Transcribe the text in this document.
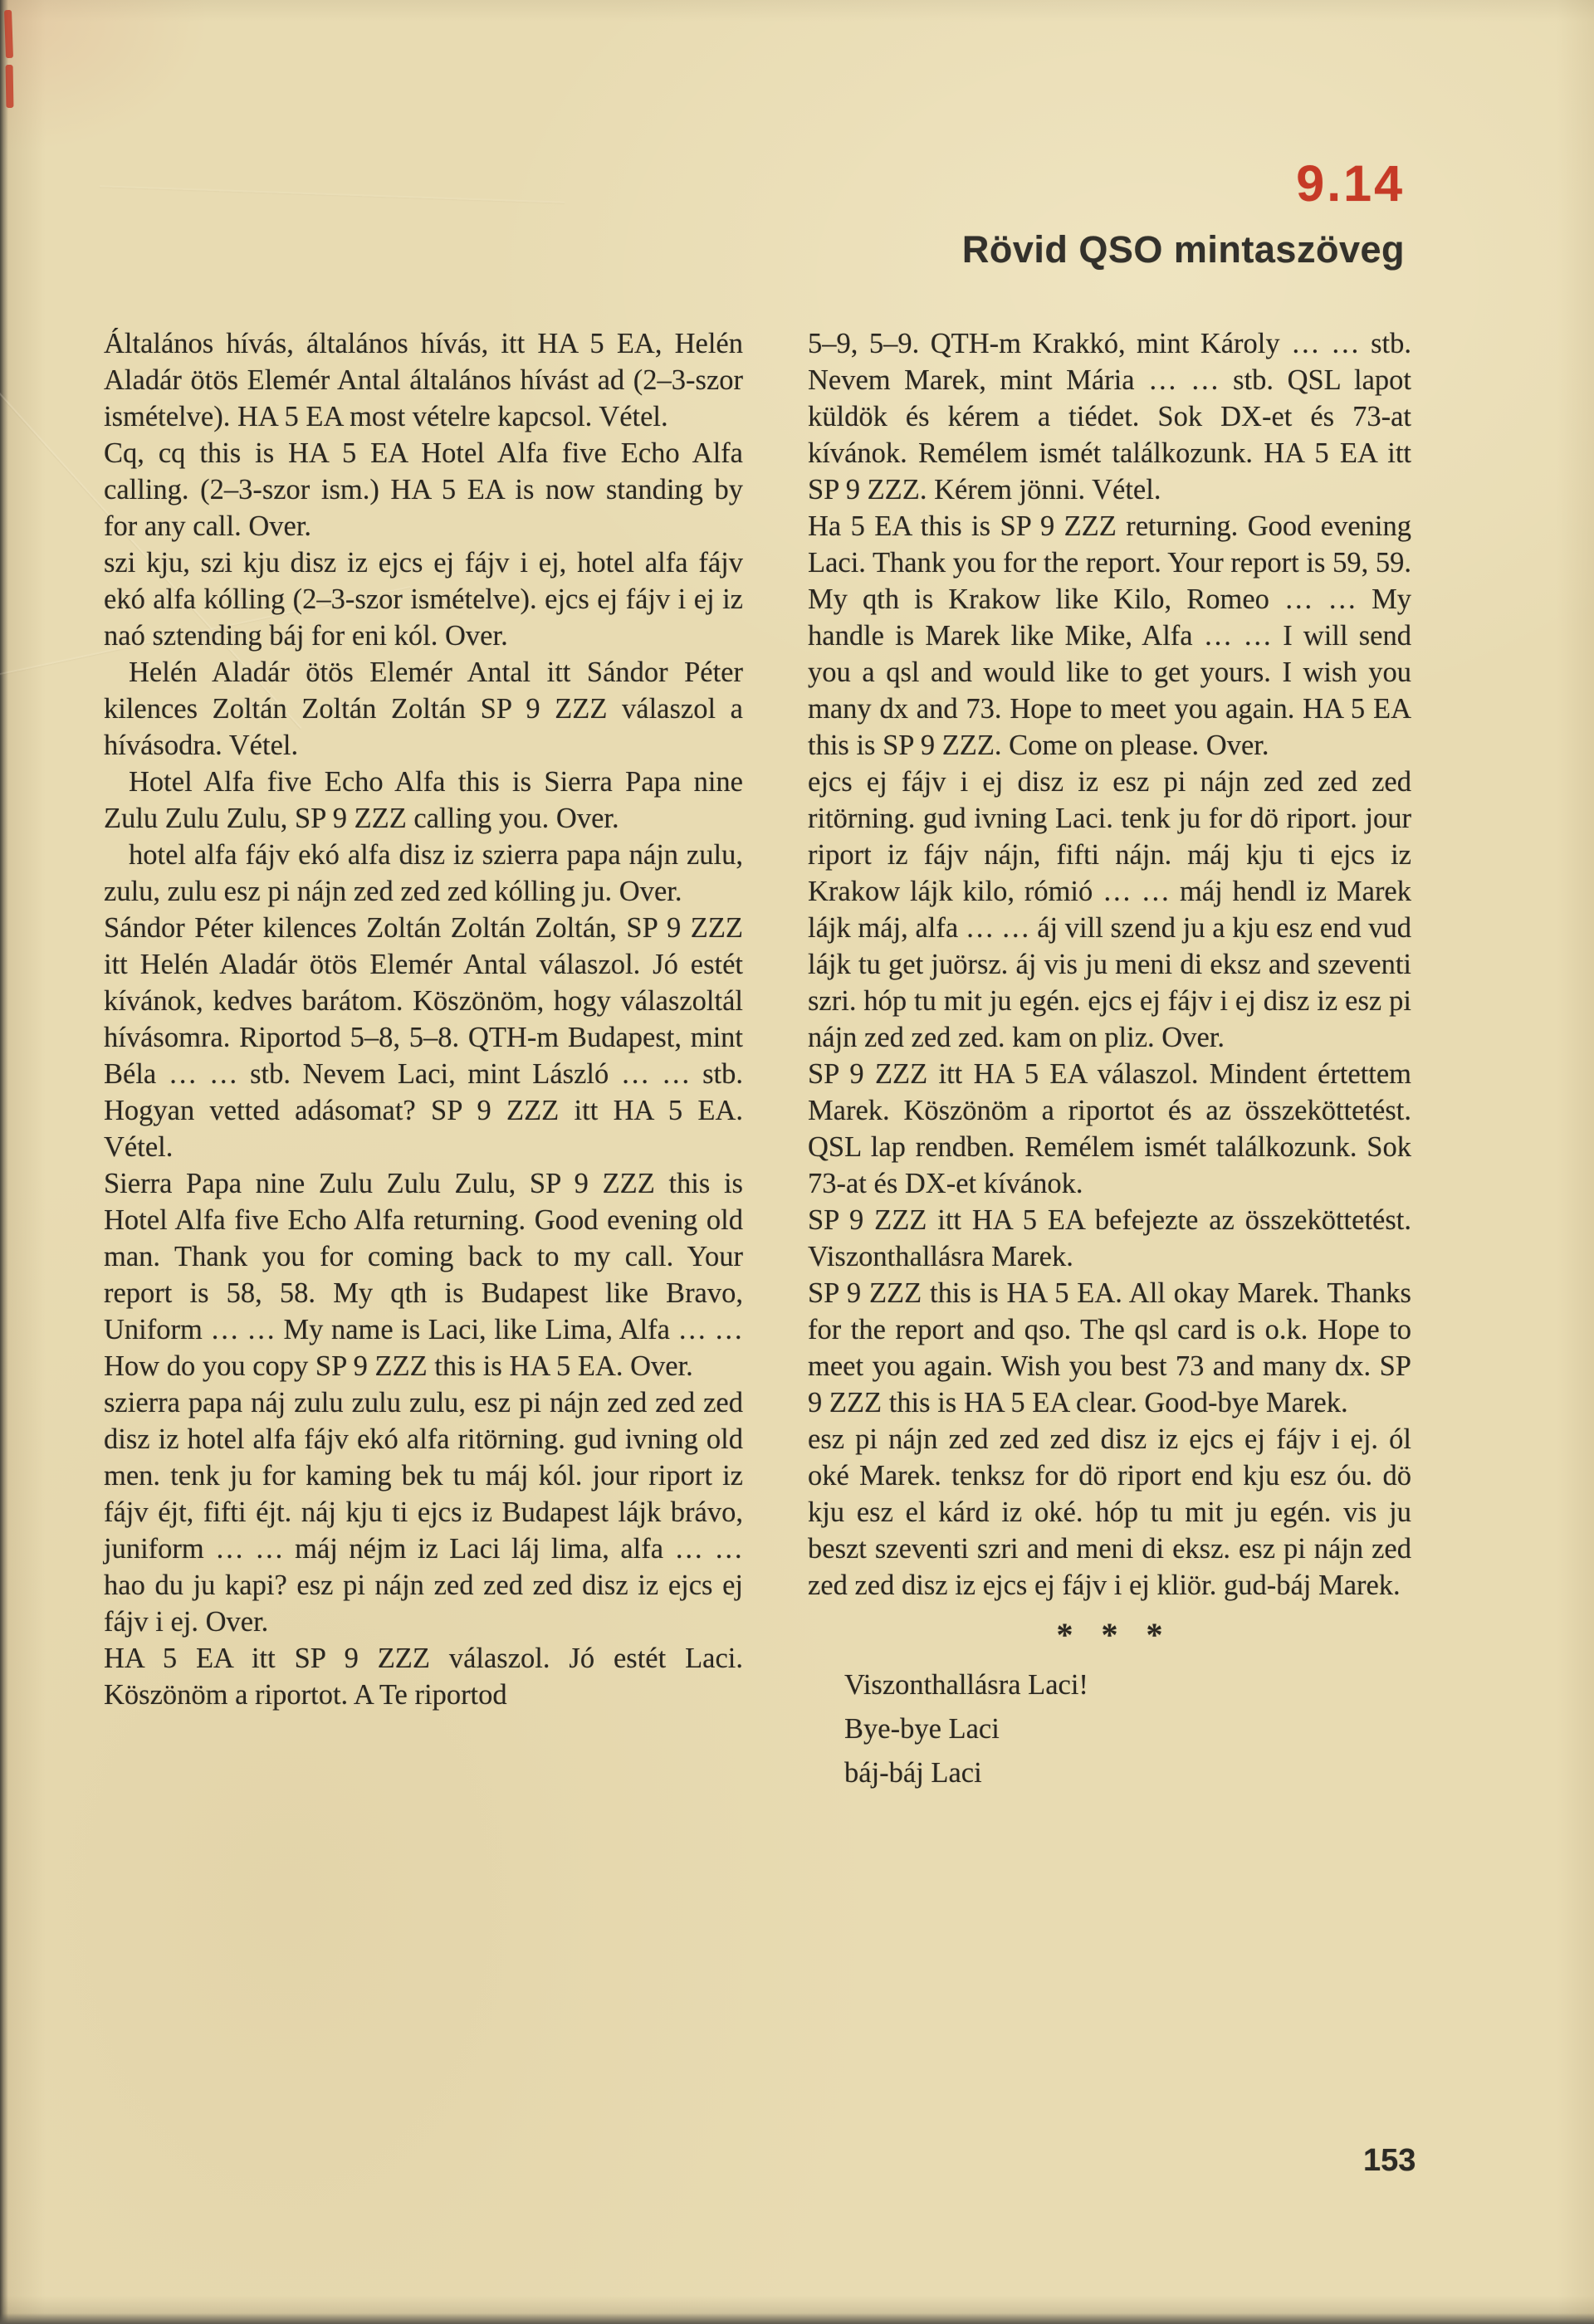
9.14
Rövid QSO mintaszöveg

Általános hívás, általános hívás, itt HA 5 EA, Helén Aladár ötös Elemér Antal általános hívást ad (2–3-szor ismételve). HA 5 EA most vételre kapcsol. Vétel.

Cq, cq this is HA 5 EA Hotel Alfa five Echo Alfa calling. (2–3-szor ism.) HA 5 EA is now standing by for any call. Over.

szi kju, szi kju disz iz ejcs ej fájv i ej, hotel alfa fájv ekó alfa kólling (2–3-szor ismételve). ejcs ej fájv i ej iz naó sztending báj for eni kól. Over.

Helén Aladár ötös Elemér Antal itt Sándor Péter kilences Zoltán Zoltán Zoltán SP 9 ZZZ válaszol a hívásodra. Vétel.

Hotel Alfa five Echo Alfa this is Sierra Papa nine Zulu Zulu Zulu, SP 9 ZZZ calling you. Over.

hotel alfa fájv ekó alfa disz iz szierra papa nájn zulu, zulu, zulu esz pi nájn zed zed zed kólling ju. Over.

Sándor Péter kilences Zoltán Zoltán Zoltán, SP 9 ZZZ itt Helén Aladár ötös Elemér Antal válaszol. Jó estét kívánok, kedves barátom. Köszönöm, hogy válaszoltál hívásomra. Riportod 5–8, 5–8. QTH-m Budapest, mint Béla … … stb. Nevem Laci, mint László … … stb. Hogyan vetted adásomat? SP 9 ZZZ itt HA 5 EA. Vétel.

Sierra Papa nine Zulu Zulu Zulu, SP 9 ZZZ this is Hotel Alfa five Echo Alfa returning. Good evening old man. Thank you for coming back to my call. Your report is 58, 58. My qth is Budapest like Bravo, Uniform … … My name is Laci, like Lima, Alfa … … How do you copy SP 9 ZZZ this is HA 5 EA. Over.

szierra papa náj zulu zulu zulu, esz pi nájn zed zed zed disz iz hotel alfa fájv ekó alfa ritörning. gud ivning old men. tenk ju for kaming bek tu máj kól. jour riport iz fájv éjt, fifti éjt. náj kju ti ejcs iz Budapest lájk brávo, juniform … … máj néjm iz Laci láj lima, alfa … … hao du ju kapi? esz pi nájn zed zed zed disz iz ejcs ej fájv i ej. Over.

HA 5 EA itt SP 9 ZZZ válaszol. Jó estét Laci. Köszönöm a riportot. A Te riportod

5–9, 5–9. QTH-m Krakkó, mint Károly … … stb. Nevem Marek, mint Mária … … stb. QSL lapot küldök és kérem a tiédet. Sok DX-et és 73-at kívánok. Remélem ismét találkozunk. HA 5 EA itt SP 9 ZZZ. Kérem jönni. Vétel.

Ha 5 EA this is SP 9 ZZZ returning. Good evening Laci. Thank you for the report. Your report is 59, 59. My qth is Krakow like Kilo, Romeo … … My handle is Marek like Mike, Alfa … … I will send you a qsl and would like to get yours. I wish you many dx and 73. Hope to meet you again. HA 5 EA this is SP 9 ZZZ. Come on please. Over.

ejcs ej fájv i ej disz iz esz pi nájn zed zed zed ritörning. gud ivning Laci. tenk ju for dö riport. jour riport iz fájv nájn, fifti nájn. máj kju ti ejcs iz Krakow lájk kilo, rómió … … máj hendl iz Marek lájk máj, alfa … … áj vill szend ju a kju esz end vud lájk tu get juörsz. áj vis ju meni di eksz and szeventi szri. hóp tu mit ju egén. ejcs ej fájv i ej disz iz esz pi nájn zed zed zed. kam on pliz. Over.

SP 9 ZZZ itt HA 5 EA válaszol. Mindent értettem Marek. Köszönöm a riportot és az összeköttetést. QSL lap rendben. Remélem ismét találkozunk. Sok 73-at és DX-et kívánok.

SP 9 ZZZ itt HA 5 EA befejezte az összeköttetést. Viszonthallásra Marek.

SP 9 ZZZ this is HA 5 EA. All okay Marek. Thanks for the report and qso. The qsl card is o.k. Hope to meet you again. Wish you best 73 and many dx. SP 9 ZZZ this is HA 5 EA clear. Good-bye Marek.

esz pi nájn zed zed zed disz iz ejcs ej fájv i ej. ól oké Marek. tenksz for dö riport end kju esz óu. dö kju esz el kárd iz oké. hóp tu mit ju egén. vis ju beszt szeventi szri and meni di eksz. esz pi nájn zed zed zed disz iz ejcs ej fájv i ej kliör. gud-báj Marek.

* * *

Viszonthallásra Laci!

Bye-bye Laci

báj-báj Laci

153
